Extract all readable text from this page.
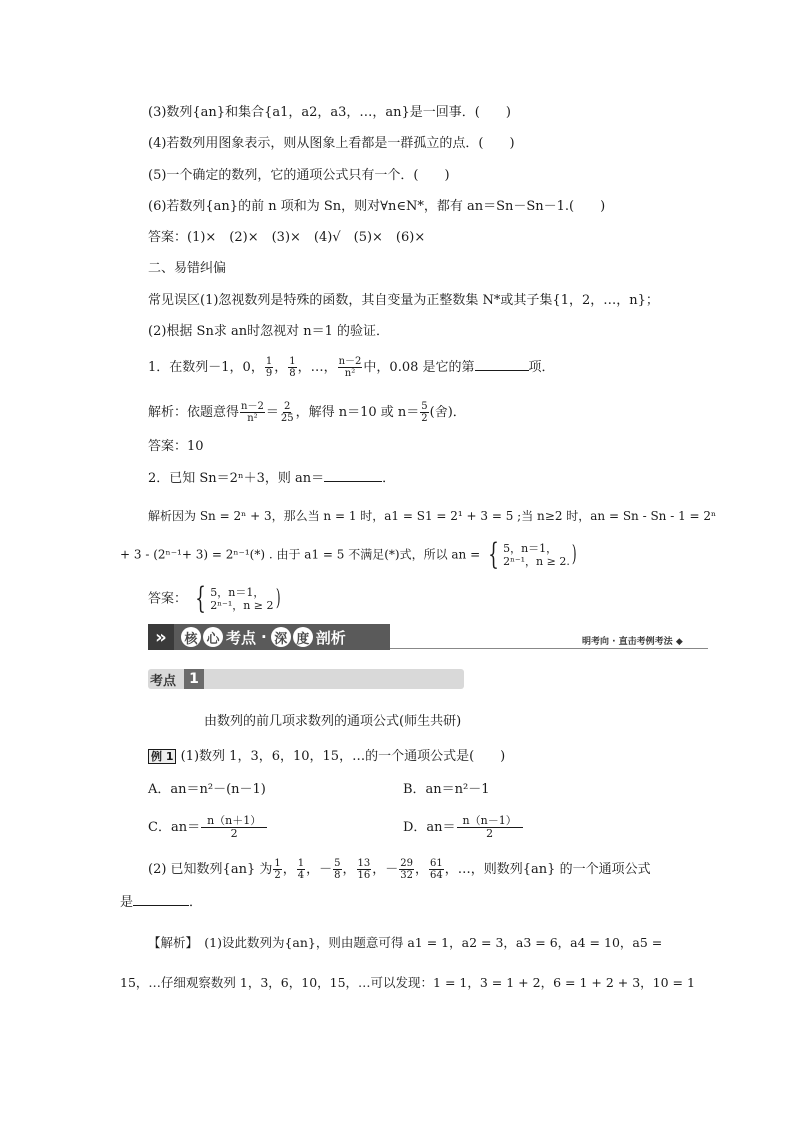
(3)数列{an}和集合{a1，a2，a3，…，an}是一回事．(　　)
(4)若数列用图象表示，则从图象上看都是一群孤立的点．(　　)
(5)一个确定的数列，它的通项公式只有一个．(　　)
(6)若数列{an}的前 n 项和为 Sn，则对∀n∈N*，都有 an＝Sn－Sn－1.(　　)
答案：(1)×　(2)×　(3)×　(4)√　(5)×　(6)×
二、易错纠偏
常见误区(1)忽视数列是特殊的函数，其自变量为正整数集 N*或其子集{1，2，…，n}；
(2)根据 Sn求 an时忽视对 n＝1 的验证．
1．在数列－1，0， $\frac{1}{9}$ ， $\frac{1}{8}$ ，…， $\frac{n-2}{\text{n²}}$ 中，0.08 是它的第	项．
解析：依题意得 $\frac{n-2}{\text{n²}} = \frac{2}{25}$ ，解得 n＝10 或 $n= \frac{5}{2}$ (舍)．
答案：10
2．已知 Sn＝2ⁿ＋3，则 an＝	．
解析因为 Sn = 2ⁿ + 3，那么当 n = 1 时，a1 = S1 = 2¹ + 3 = 5 ;当 n≥2 时，an = Sn - Sn - 1 = 2ⁿ
+ 3 - (2ⁿ⁻¹+ 3) = 2ⁿ⁻¹(*) . 由于 a1 = 5 不满足(*)式，所以 an = { 5，n＝1，
2ⁿ⁻¹，n ≥ 2. )
答案： { 5，n＝1，
2ⁿ⁻¹，n ≥ 2 )
»	核 心 考点 · 深 度 剖析	明考向 · 直击考例考法 ◆
考点 1
由数列的前几项求数列的通项公式(师生共研)
例 1 (1)数列 1，3，6，10，15，…的一个通项公式是(　　)
A．an＝n²－(n－1)	B．an＝n²－1
C．$an= \frac{n(n+1)}{2}$	D．$an= \frac{n(n-1)}{2}$
(2) 已知数列{an} 为 $\frac{1}{2}$ ， $\frac{1}{4}$ ，－ $\frac{5}{8}$ ， $\frac{13}{16}$ ，－ $\frac{29}{32}$ ， $\frac{61}{64}$ ，…，则数列{an} 的一个通项公式
是	．
【解析】　(1)设此数列为{an}，则由题意可得 a1 = 1，a2 = 3，a3 = 6，a4 = 10，a5 =
15，…仔细观察数列 1，3，6，10，15，…可以发现：1 = 1，3 = 1 + 2，6 = 1 + 2 + 3，10 = 1
